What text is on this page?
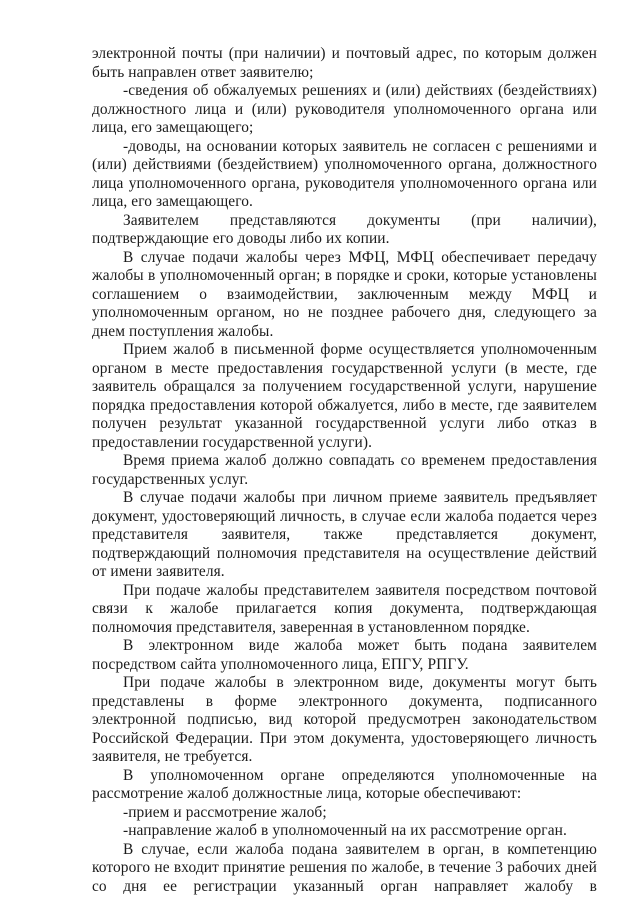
электронной почты (при наличии) и почтовый адрес, по которым должен быть направлен ответ заявителю;

-сведения об обжалуемых решениях и (или) действиях (бездействиях) должностного лица и (или) руководителя уполномоченного органа или лица, его замещающего;

-доводы, на основании которых заявитель не согласен с решениями и (или) действиями (бездействием) уполномоченного органа, должностного лица уполномоченного органа, руководителя уполномоченного органа или лица, его замещающего.

Заявителем представляются документы (при наличии), подтверждающие его доводы либо их копии.

В случае подачи жалобы через МФЦ, МФЦ обеспечивает передачу жалобы в уполномоченный орган; в порядке и сроки, которые установлены соглашением о взаимодействии, заключенным между МФЦ и уполномоченным органом, но не позднее рабочего дня, следующего за днем поступления жалобы.

Прием жалоб в письменной форме осуществляется уполномоченным органом в месте предоставления государственной услуги (в месте, где заявитель обращался за получением государственной услуги, нарушение порядка предоставления которой обжалуется, либо в месте, где заявителем получен результат указанной государственной услуги либо отказ в предоставлении государственной услуги).

Время приема жалоб должно совпадать со временем предоставления государственных услуг.

В случае подачи жалобы при личном приеме заявитель предъявляет документ, удостоверяющий личность, в случае если жалоба подается через представителя заявителя, также представляется документ, подтверждающий полномочия представителя на осуществление действий от имени заявителя.

При подаче жалобы представителем заявителя посредством почтовой связи к жалобе прилагается копия документа, подтверждающая полномочия представителя, заверенная в установленном порядке.

В электронном виде жалоба может быть подана заявителем посредством сайта уполномоченного лица, ЕПГУ, РПГУ.

При подаче жалобы в электронном виде, документы могут быть представлены в форме электронного документа, подписанного электронной подписью, вид которой предусмотрен законодательством Российской Федерации. При этом документа, удостоверяющего личность заявителя, не требуется.

В уполномоченном органе определяются уполномоченные на рассмотрение жалоб должностные лица, которые обеспечивают:

-прием и рассмотрение жалоб;

-направление жалоб в уполномоченный на их рассмотрение орган.

В случае, если жалоба подана заявителем в орган, в компетенцию которого не входит принятие решения по жалобе, в течение 3 рабочих дней со дня ее регистрации указанный орган направляет жалобу в
